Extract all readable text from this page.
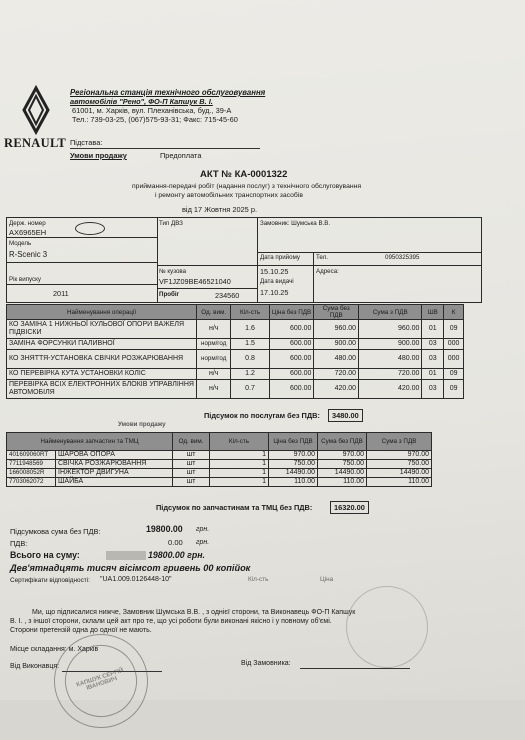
RENAULT
Регіональна станція технічного обслуговування
автомобілів "Рено", ФО-П Капшук В. І.
61001, м. Харків, вул. Плеханівська, буд., 39-А
Тел.: 739-03-25, (067)575-93-31; Факс: 715-45-60
Підстава:
Умови продажу	Предоплата
АКТ № КА-0001322
приймання-передачі робіт (надання послуг) з технічного обслуговування
і ремонту автомобільних транспортних засобів
від 17 Жовтня 2025 р.
Держ. номер
АХ6965ЕН
Модель
R-Scenic 3
Рік випуску
2011
Тип ДВЗ
№ кузова
VF1JZ09BE46521040
Пробіг	234560
Замовник: Шумська В.В.
Дата прийому
15.10.25
Дата видачі
17.10.25
Тел.	0950325395
Адреса:
Найменування операції	Од. вим.	Кіл-сть	Ціна без ПДВ	Сума без ПДВ	Сума з ПДВ	ШВ	К
КО ЗАМІНА 1 НИЖНЬОЇ КУЛЬОВОЇ ОПОРИ ВАЖЕЛЯ ПІДВІСКИ	н/ч	1.6	600.00	960.00	960.00	01	09
ЗАМІНА ФОРСУНКИ ПАЛИВНОЇ	норм/год	1.5	600.00	900.00	900.00	03	000
КО ЗНЯТТЯ-УСТАНОВКА СВІЧКИ РОЗЖАРЮВАННЯ	норм/год	0.8	600.00	480.00	480.00	03	000
КО ПЕРЕВІРКА КУТА УСТАНОВКИ КОЛІС	н/ч	1.2	600.00	720.00	720.00	01	09
ПЕРЕВІРКА ВСІХ ЕЛЕКТРОННИХ БЛОКІВ УПРАВЛІННЯ АВТОМОБІЛЯ	н/ч	0.7	600.00	420.00	420.00	03	09
Підсумок по послугам без ПДВ:	3480.00
Умови продажу
Найменування запчастин та ТМЦ		Од. вим.	Кіл-сть	Ціна без ПДВ	Сума без ПДВ	Сума з ПДВ
401609060RT	ШАРОВА ОПОРА	шт	1	970.00	970.00	970.00
7711948569	СВІЧКА РОЗЖАРЮВАННЯ	шт	1	750.00	750.00	750.00
166008052R	ІНЖЕКТОР ДВИГУНА	шт	1	14490.00	14490.00	14490.00
7703062072	ШАЙБА	шт	1	110.00	110.00	110.00
Підсумок по запчастинам та ТМЦ без ПДВ:	16320.00
Підсумкова сума без ПДВ:	19800.00 грн.
ПДВ:	0.00 грн.
Всього на суму:	19800.00 грн.
Дев'ятнадцять тисяч вісімсот гривень 00 копійок
Сертифікати відповідності: "UA1.009.0126448-10"	Кіл-сть	Ціна
Ми, що підписалися нижче, Замовник Шумська В.В. , з однієї сторони, та Виконавець ФО-П Капшук
В. І. , з іншої сторони, склали цей акт про те, що усі роботи були виконані якісно і у повному об'ємі.
Сторони претензій одна до одної не мають.
Місце складання: м. Харків
Від Виконавця:	Від Замовника:
КАПШУК СЕРГІЙ ІВАНОВИЧ
